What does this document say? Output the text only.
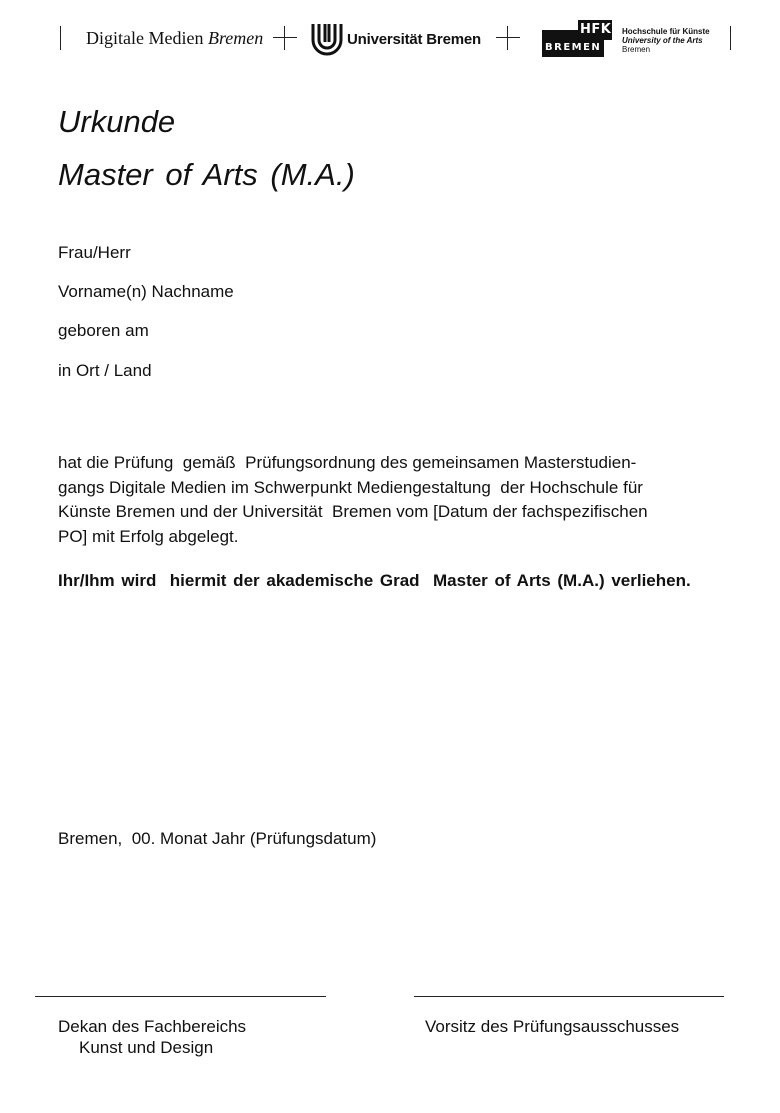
Digitale Medien Bremen	Universität Bremen
HFK
BREMEN
Hochschule für Künste
University of the Arts
Bremen
Urkunde
Master of Arts (M.A.)
Frau/Herr
Vorname(n) Nachname
geboren am
in Ort / Land
hat die Prüfung  gemäß  Prüfungsordnung des gemeinsamen Masterstudien-
gangs Digitale Medien im Schwerpunkt Mediengestaltung  der Hochschule für
Künste Bremen und der Universität  Bremen vom [Datum der fachspezifischen
PO] mit Erfolg abgelegt.
Ihr/Ihm wird  hiermit der akademische Grad  Master of Arts (M.A.) verliehen.
Bremen,  00. Monat Jahr (Prüfungsdatum)
Dekan des Fachbereichs
Kunst und Design
Vorsitz des Prüfungsausschusses
